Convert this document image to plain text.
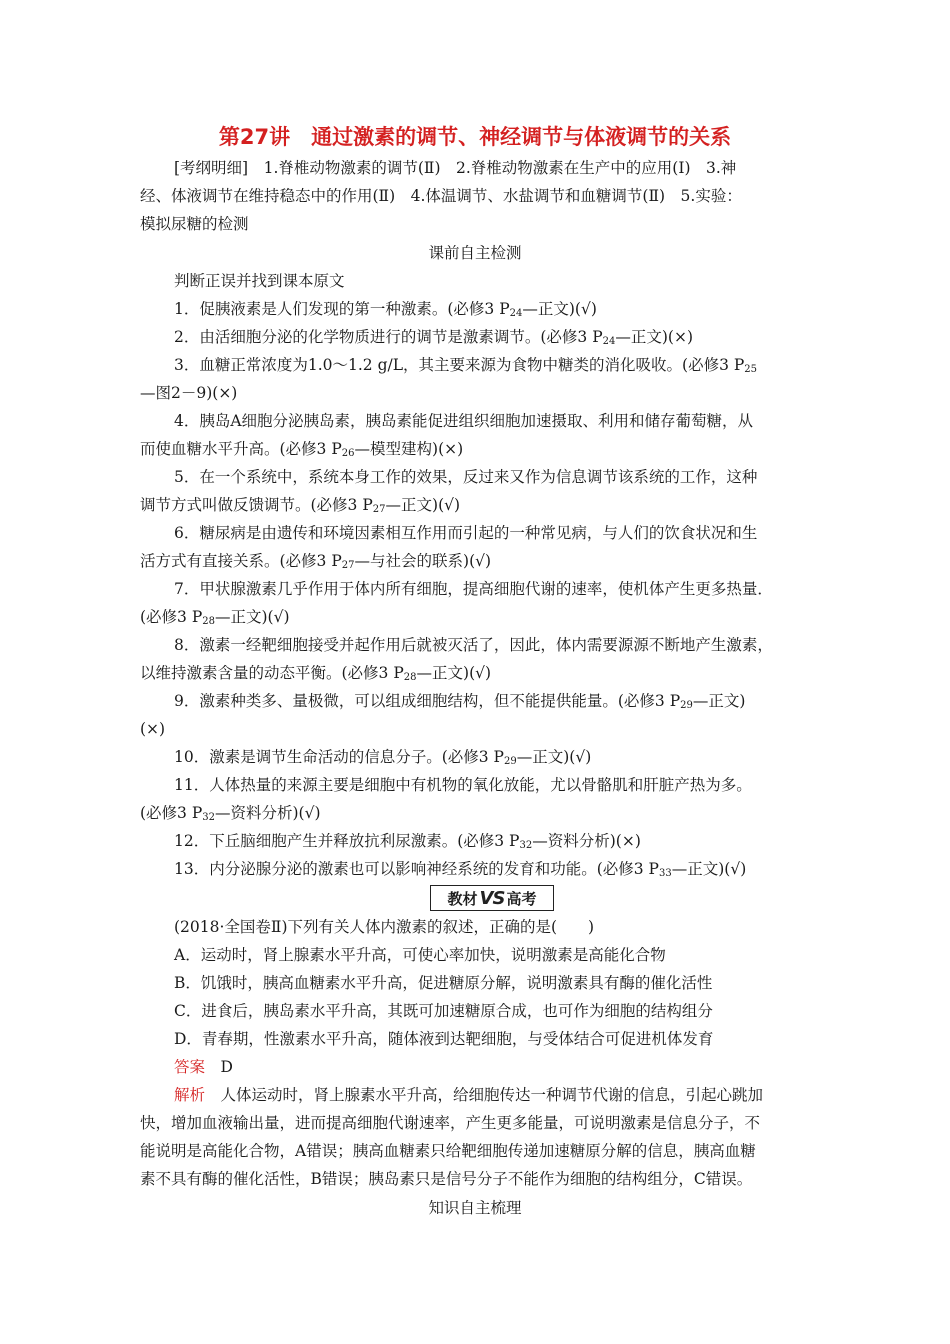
第27讲　通过激素的调节、神经调节与体液调节的关系
[考纲明细]　1.脊椎动物激素的调节(Ⅱ)　2.脊椎动物激素在生产中的应用(Ⅰ)　3.神
经、体液调节在维持稳态中的作用(Ⅱ)　4.体温调节、水盐调节和血糖调节(Ⅱ)　5.实验：
模拟尿糖的检测
课前自主检测
判断正误并找到课本原文
1．促胰液素是人们发现的第一种激素。(必修3 $P_{24}—$正文)(√)
2．由活细胞分泌的化学物质进行的调节是激素调节。(必修3 $P_{24}—$正文)(×)
3．血糖正常浓度为1.0～1.2 g/L，其主要来源为食物中糖类的消化吸收。(必修3 $P_{25}$
—图2－9)(×)
4．胰岛A细胞分泌胰岛素，胰岛素能促进组织细胞加速摄取、利用和储存葡萄糖，从
而使血糖水平升高。(必修3 $P_{26}—$模型建构)(×)
5．在一个系统中，系统本身工作的效果，反过来又作为信息调节该系统的工作，这种
调节方式叫做反馈调节。(必修3 $P_{27}—$正文)(√)
6．糖尿病是由遗传和环境因素相互作用而引起的一种常见病，与人们的饮食状况和生
活方式有直接关系。(必修3 $P_{27}—$与社会的联系)(√)
7．甲状腺激素几乎作用于体内所有细胞，提高细胞代谢的速率，使机体产生更多热量．
(必修3 $P_{28}—$正文)(√)
8．激素一经靶细胞接受并起作用后就被灭活了，因此，体内需要源源不断地产生激素，
以维持激素含量的动态平衡。(必修3 $P_{28}—$正文)(√)
9．激素种类多、量极微，可以组成细胞结构，但不能提供能量。(必修3 $P_{29}—$正文)
(×)
10．激素是调节生命活动的信息分子。(必修3 $P_{29}—$正文)(√)
11．人体热量的来源主要是细胞中有机物的氧化放能，尤以骨骼肌和肝脏产热为多。
(必修3 $P_{32}—$资料分析)(√)
12．下丘脑细胞产生并释放抗利尿激素。(必修3 $P_{32}—$资料分析)(×)
13．内分泌腺分泌的激素也可以影响神经系统的发育和功能。(必修3 $P_{33}—$正文)(√)
教材 VS 高考
(2018·全国卷Ⅱ)下列有关人体内激素的叙述，正确的是(　　)
A．运动时，肾上腺素水平升高，可使心率加快，说明激素是高能化合物
B．饥饿时，胰高血糖素水平升高，促进糖原分解，说明激素具有酶的催化活性
C．进食后，胰岛素水平升高，其既可加速糖原合成，也可作为细胞的结构组分
D．青春期，性激素水平升高，随体液到达靶细胞，与受体结合可促进机体发育
答案　 D
解析　 人体运动时，肾上腺素水平升高，给细胞传达一种调节代谢的信息，引起心跳加
快，增加血液输出量，进而提高细胞代谢速率，产生更多能量，可说明激素是信息分子，不
能说明是高能化合物，A错误；胰高血糖素只给靶细胞传递加速糖原分解的信息，胰高血糖
素不具有酶的催化活性，B错误；胰岛素只是信号分子不能作为细胞的结构组分，C错误。
知识自主梳理
